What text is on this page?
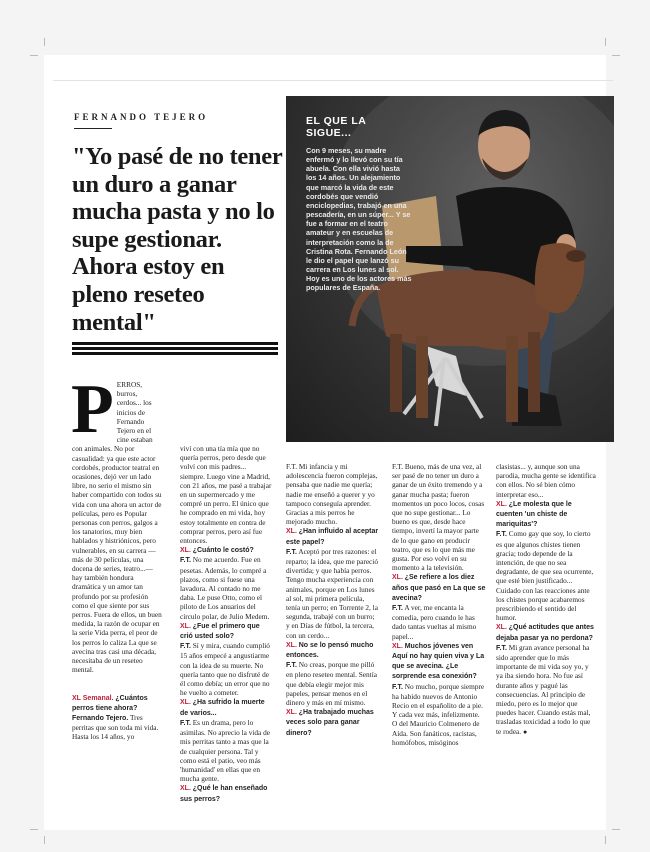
FERNANDO TEJERO
"Yo pasé de no tener un duro a ganar mucha pasta y no lo supe gestionar. Ahora estoy en pleno reseteo mental"
EL QUE LA SIGUE...
Con 9 meses, su madre enfermó y lo llevó con su tía abuela. Con ella vivió hasta los 14 años. Un alejamiento que marcó la vida de este cordobés que vendió enciclopedias, trabajó en una pescadería, en un súper... Y se fue a formar en el teatro amateur y en escuelas de interpretación como la de Cristina Rota. Fernando León le dio el papel que lanzó su carrera en Los lunes al sol. Hoy es uno de los actores más populares de España.
P ERROS, burros, cerdos... los inicios de Fernando Tejero en el cine estaban con animales. No por casualidad: ya que este actor cordobés, productor teatral en ocasiones, dejó ver un lado libre, no serio el mismo sin haber compartido con todos su vida con una ahora un actor de películas, pero es Popular personas con perros, galgos a los tanatorios, muy bien hablados y histriónicos, pero vulnerables, en su carrera —más de 30 películas, una docena de series, teatro...— hay también hondura dramática y un amor tan profundo por su profesión como el que siente por sus perros. Fuera de ellos, un buen medida, la razón de ocupar en la serie Vida perra, el peor de los perros lo caliza La que se avecina tras casi una década, necesitaba de un reseteo mental.

XL Semanal. ¿Cuántos perros tiene ahora?

Fernando Tejero. Tres perritas que son toda mi vida. Hasta los 14 años, yo

viví con una tía mía que no quería perros, pero desde que volví con mis padres... siempre. Luego vine a Madrid, con 21 años, me pasé a trabajar en un supermercado y me compré un perro. El único que he comprado en mi vida, hoy estoy totalmente en contra de comprar perros, pero así fue entonces.

XL. ¿Cuánto le costó?

F.T. No me acuerdo. Fue en pesetas. Además, lo compré a plazos, como si fuese una lavadora. Al contado no me daba. Le puse Otto, como el piloto de Los anuarios del círculo polar, de Julio Medem.

XL. ¿Fue el primero que crió usted solo?

F.T. Sí y mira, cuando cumplió 15 años empecé a angustiarme con la idea de su muerte. No quería tanto que no disfruté de él como debía; un error que no he vuelto a cometer.

XL. ¿Ha sufrido la muerte de varios...

F.T. Es un drama, pero lo asimilas. No aprecio la vida de mis perritas tanto a mas que la de cualquier persona. Tal y como está el patio, veo más 'humanidad' en ellas que en mucha gente.

XL. ¿Qué le han enseñado sus perros?

F.T. Mi infancia y mi adolescencia fueron complejas, pensaba que nadie me quería; nadie me enseñó a querer y yo tampoco conseguía aprender. Gracias a mis perros he mejorado mucho.

XL. ¿Han influido al aceptar este papel?

F.T. Aceptó por tres razones: el reparto; la idea, que me pareció divertida; y que había perros. Tengo mucha experiencia con animales, porque en Los lunes al sol, mi primera película, tenía un perro; en Torrente 2, la segunda, trabajé con un burro; y en Días de fútbol, la tercera, con un cerdo...

XL. No se lo pensó mucho entonces.

F.T. No creas, porque me pilló en pleno reseteo mental. Sentía que debía elegir mejor mis papeles, pensar menos en el dinero y más en mí mismo.

XL. ¿Ha trabajado muchas veces solo para ganar dinero?

F.T. Bueno, más de una vez, al ser pasé de no tener un duro a ganar de un éxito tremendo y a ganar mucha pasta; fueron momentos un poco locos, cosas que no supe gestionar... Lo bueno es que, desde hace tiempo, invertí la mayor parte de lo que gano en producir teatro, que es lo que más me gusta. Por eso volví en su momento a la televisión.

XL. ¿Se refiere a los diez años que pasó en La que se avecina?

F.T. A ver, me encanta la comedia, pero cuando le has dado tantas vueltas al mismo papel...

XL. Muchos jóvenes ven Aquí no hay quien viva y La que se avecina. ¿Le sorprende esa conexión?

F.T. No mucho, porque siempre ha habido nuevos de Antonio Recio en el españolito de a pie. Y cada vez más, infelizmente. O del Mauricio Colmenero de Aída. Son fanáticos, racistas, homófobos, misóginos

clasistas... y, aunque son una parodia, mucha gente se identifica con ellos. No sé bien cómo interpretar eso...

XL. ¿Le molesta que le cuenten 'un chiste de mariquitas'?

F.T. Como gay que soy, lo cierto es que algunos chistes tienen gracia; todo depende de la intención, de que no sea degradante, de que sea ocurrente, que esté bien justificado... Cuidado con las reacciones ante los chistes porque acabaremos prescribiendo el sentido del humor.

XL. ¿Qué actitudes que antes dejaba pasar ya no perdona?

F.T. Mi gran avance personal ha sido aprender que lo más importante de mi vida soy yo, y ya iba siendo hora. No fue así durante años y pagué las consecuencias. Al principio de miedo, pero es lo mejor que puedes hacer. Cuando estás mal, trasladas toxicidad a todo lo que te rodea. ●
